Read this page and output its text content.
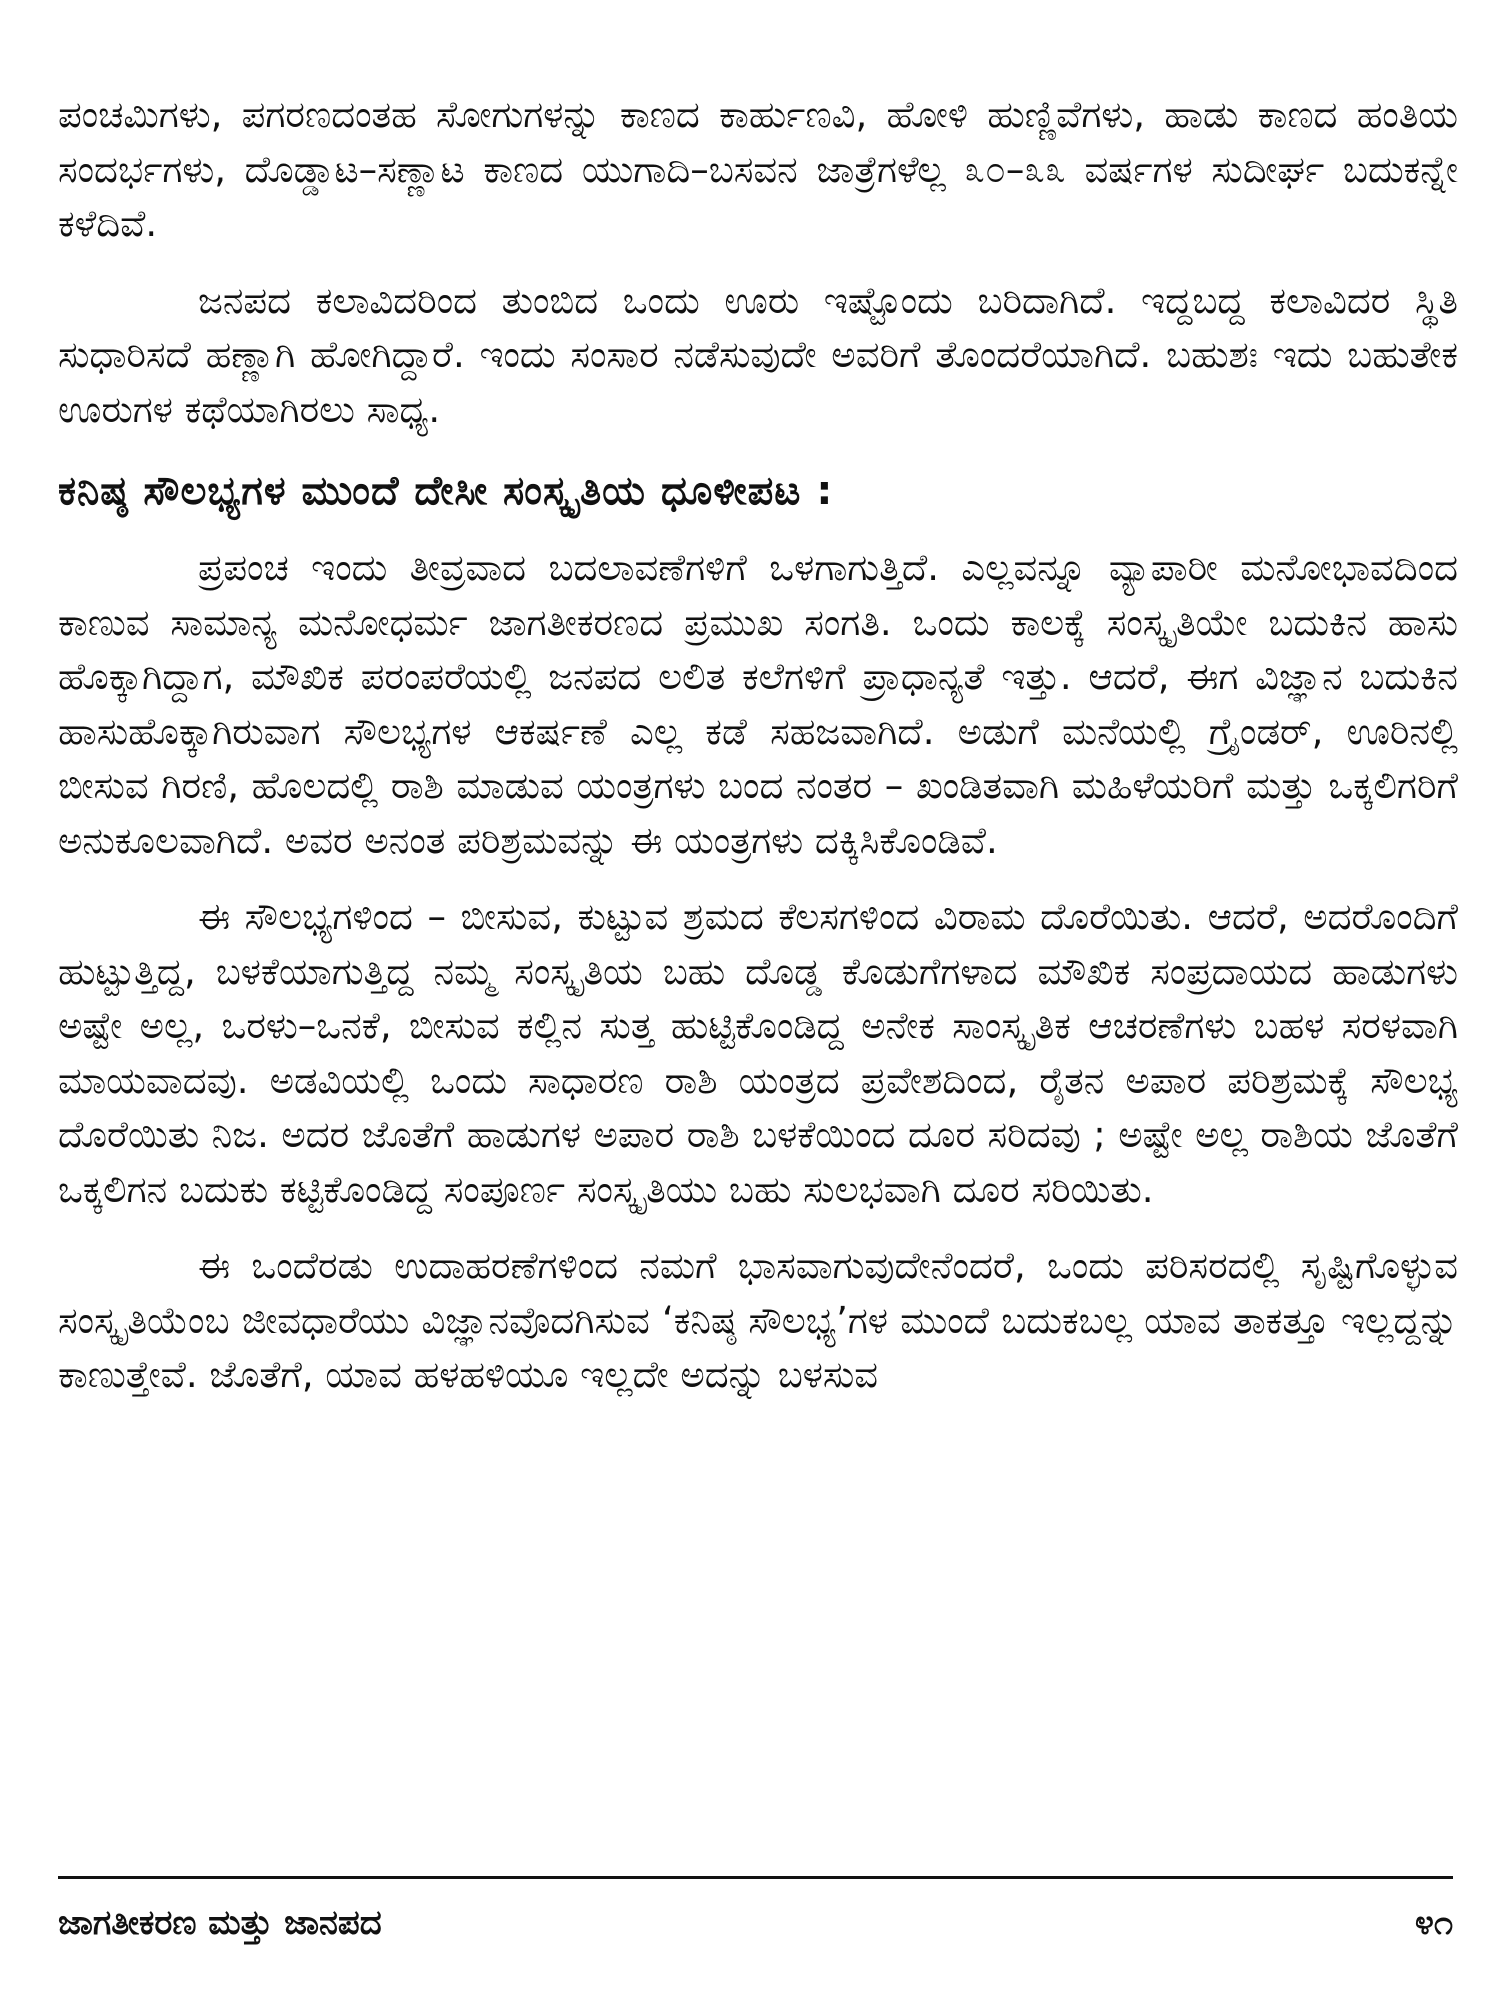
ಪಂಚಮಿಗಳು, ಪಗರಣದಂತಹ ಸೋಗುಗಳನ್ನು ಕಾಣದ ಕಾರ್ಹುಣವಿ, ಹೋಳಿ ಹುಣ್ಣಿವೆಗಳು, ಹಾಡು ಕಾಣದ ಹಂತಿಯ ಸಂದರ್ಭಗಳು, ದೊಡ್ಡಾಟ–ಸಣ್ಣಾಟ ಕಾಣದ ಯುಗಾದಿ–ಬಸವನ ಜಾತ್ರೆಗಳೆಲ್ಲ ೩೦–೩೩ ವರ್ಷಗಳ ಸುದೀರ್ಘ ಬದುಕನ್ನೇ ಕಳೆದಿವೆ.

ಜನಪದ ಕಲಾವಿದರಿಂದ ತುಂಬಿದ ಒಂದು ಊರು ಇಷ್ಟೊಂದು ಬರಿದಾಗಿದೆ. ಇದ್ದಬದ್ದ ಕಲಾವಿದರ ಸ್ಥಿತಿ ಸುಧಾರಿಸದೆ ಹಣ್ಣಾಗಿ ಹೋಗಿದ್ದಾರೆ. ಇಂದು ಸಂಸಾರ ನಡೆಸುವುದೇ ಅವರಿಗೆ ತೊಂದರೆಯಾಗಿದೆ. ಬಹುಶಃ ಇದು ಬಹುತೇಕ ಊರುಗಳ ಕಥೆಯಾಗಿರಲು ಸಾಧ್ಯ.

ಕನಿಷ್ಠ ಸೌಲಭ್ಯಗಳ ಮುಂದೆ ದೇಸೀ ಸಂಸ್ಕೃತಿಯ ಧೂಳೀಪಟ :

ಪ್ರಪಂಚ ಇಂದು ತೀವ್ರವಾದ ಬದಲಾವಣೆಗಳಿಗೆ ಒಳಗಾಗುತ್ತಿದೆ. ಎಲ್ಲವನ್ನೂ ವ್ಯಾಪಾರೀ ಮನೋಭಾವದಿಂದ ಕಾಣುವ ಸಾಮಾನ್ಯ ಮನೋಧರ್ಮ ಜಾಗತೀಕರಣದ ಪ್ರಮುಖ ಸಂಗತಿ. ಒಂದು ಕಾಲಕ್ಕೆ ಸಂಸ್ಕೃತಿಯೇ ಬದುಕಿನ ಹಾಸು ಹೊಕ್ಕಾಗಿದ್ದಾಗ, ಮೌಖಿಕ ಪರಂಪರೆಯಲ್ಲಿ ಜನಪದ ಲಲಿತ ಕಲೆಗಳಿಗೆ ಪ್ರಾಧಾನ್ಯತೆ ಇತ್ತು. ಆದರೆ, ಈಗ ವಿಜ್ಞಾನ ಬದುಕಿನ ಹಾಸುಹೊಕ್ಕಾಗಿರುವಾಗ ಸೌಲಭ್ಯಗಳ ಆಕರ್ಷಣೆ ಎಲ್ಲ ಕಡೆ ಸಹಜವಾಗಿದೆ. ಅಡುಗೆ ಮನೆಯಲ್ಲಿ ಗ್ರೈಂಡರ್, ಊರಿನಲ್ಲಿ ಬೀಸುವ ಗಿರಣಿ, ಹೊಲದಲ್ಲಿ ರಾಶಿ ಮಾಡುವ ಯಂತ್ರಗಳು ಬಂದ ನಂತರ – ಖಂಡಿತವಾಗಿ ಮಹಿಳೆಯರಿಗೆ ಮತ್ತು ಒಕ್ಕಲಿಗರಿಗೆ ಅನುಕೂಲವಾಗಿದೆ. ಅವರ ಅನಂತ ಪರಿಶ್ರಮವನ್ನು ಈ ಯಂತ್ರಗಳು ದಕ್ಕಿಸಿಕೊಂಡಿವೆ.

ಈ ಸೌಲಭ್ಯಗಳಿಂದ – ಬೀಸುವ, ಕುಟ್ಟುವ ಶ್ರಮದ ಕೆಲಸಗಳಿಂದ ವಿರಾಮ ದೊರೆಯಿತು. ಆದರೆ, ಅದರೊಂದಿಗೆ ಹುಟ್ಟುತ್ತಿದ್ದ, ಬಳಕೆಯಾಗುತ್ತಿದ್ದ ನಮ್ಮ ಸಂಸ್ಕೃತಿಯ ಬಹು ದೊಡ್ಡ ಕೊಡುಗೆಗಳಾದ ಮೌಖಿಕ ಸಂಪ್ರದಾಯದ ಹಾಡುಗಳು ಅಷ್ಟೇ ಅಲ್ಲ, ಒರಳು–ಒನಕೆ, ಬೀಸುವ ಕಲ್ಲಿನ ಸುತ್ತ ಹುಟ್ಟಿಕೊಂಡಿದ್ದ ಅನೇಕ ಸಾಂಸ್ಕೃತಿಕ ಆಚರಣೆಗಳು ಬಹಳ ಸರಳವಾಗಿ ಮಾಯವಾದವು. ಅಡವಿಯಲ್ಲಿ ಒಂದು ಸಾಧಾರಣ ರಾಶಿ ಯಂತ್ರದ ಪ್ರವೇಶದಿಂದ, ರೈತನ ಅಪಾರ ಪರಿಶ್ರಮಕ್ಕೆ ಸೌಲಭ್ಯ ದೊರೆಯಿತು ನಿಜ. ಅದರ ಜೊತೆಗೆ ಹಾಡುಗಳ ಅಪಾರ ರಾಶಿ ಬಳಕೆಯಿಂದ ದೂರ ಸರಿದವು ; ಅಷ್ಟೇ ಅಲ್ಲ ರಾಶಿಯ ಜೊತೆಗೆ ಒಕ್ಕಲಿಗನ ಬದುಕು ಕಟ್ಟಿಕೊಂಡಿದ್ದ ಸಂಪೂರ್ಣ ಸಂಸ್ಕೃತಿಯು ಬಹು ಸುಲಭವಾಗಿ ದೂರ ಸರಿಯಿತು.

ಈ ಒಂದೆರಡು ಉದಾಹರಣೆಗಳಿಂದ ನಮಗೆ ಭಾಸವಾಗುವುದೇನೆಂದರೆ, ಒಂದು ಪರಿಸರದಲ್ಲಿ ಸೃಷ್ಟಿಗೊಳ್ಳುವ ಸಂಸ್ಕೃತಿಯೆಂಬ ಜೀವಧಾರೆಯು ವಿಜ್ಞಾನವೊದಗಿಸುವ ‘ಕನಿಷ್ಠ ಸೌಲಭ್ಯ’ಗಳ ಮುಂದೆ ಬದುಕಬಲ್ಲ ಯಾವ ತಾಕತ್ತೂ ಇಲ್ಲದ್ದನ್ನು ಕಾಣುತ್ತೇವೆ. ಜೊತೆಗೆ, ಯಾವ ಹಳಹಳಿಯೂ ಇಲ್ಲದೇ ಅದನ್ನು ಬಳಸುವ

ಜಾಗತೀಕರಣ ಮತ್ತು ಜಾನಪದ	೪೧
